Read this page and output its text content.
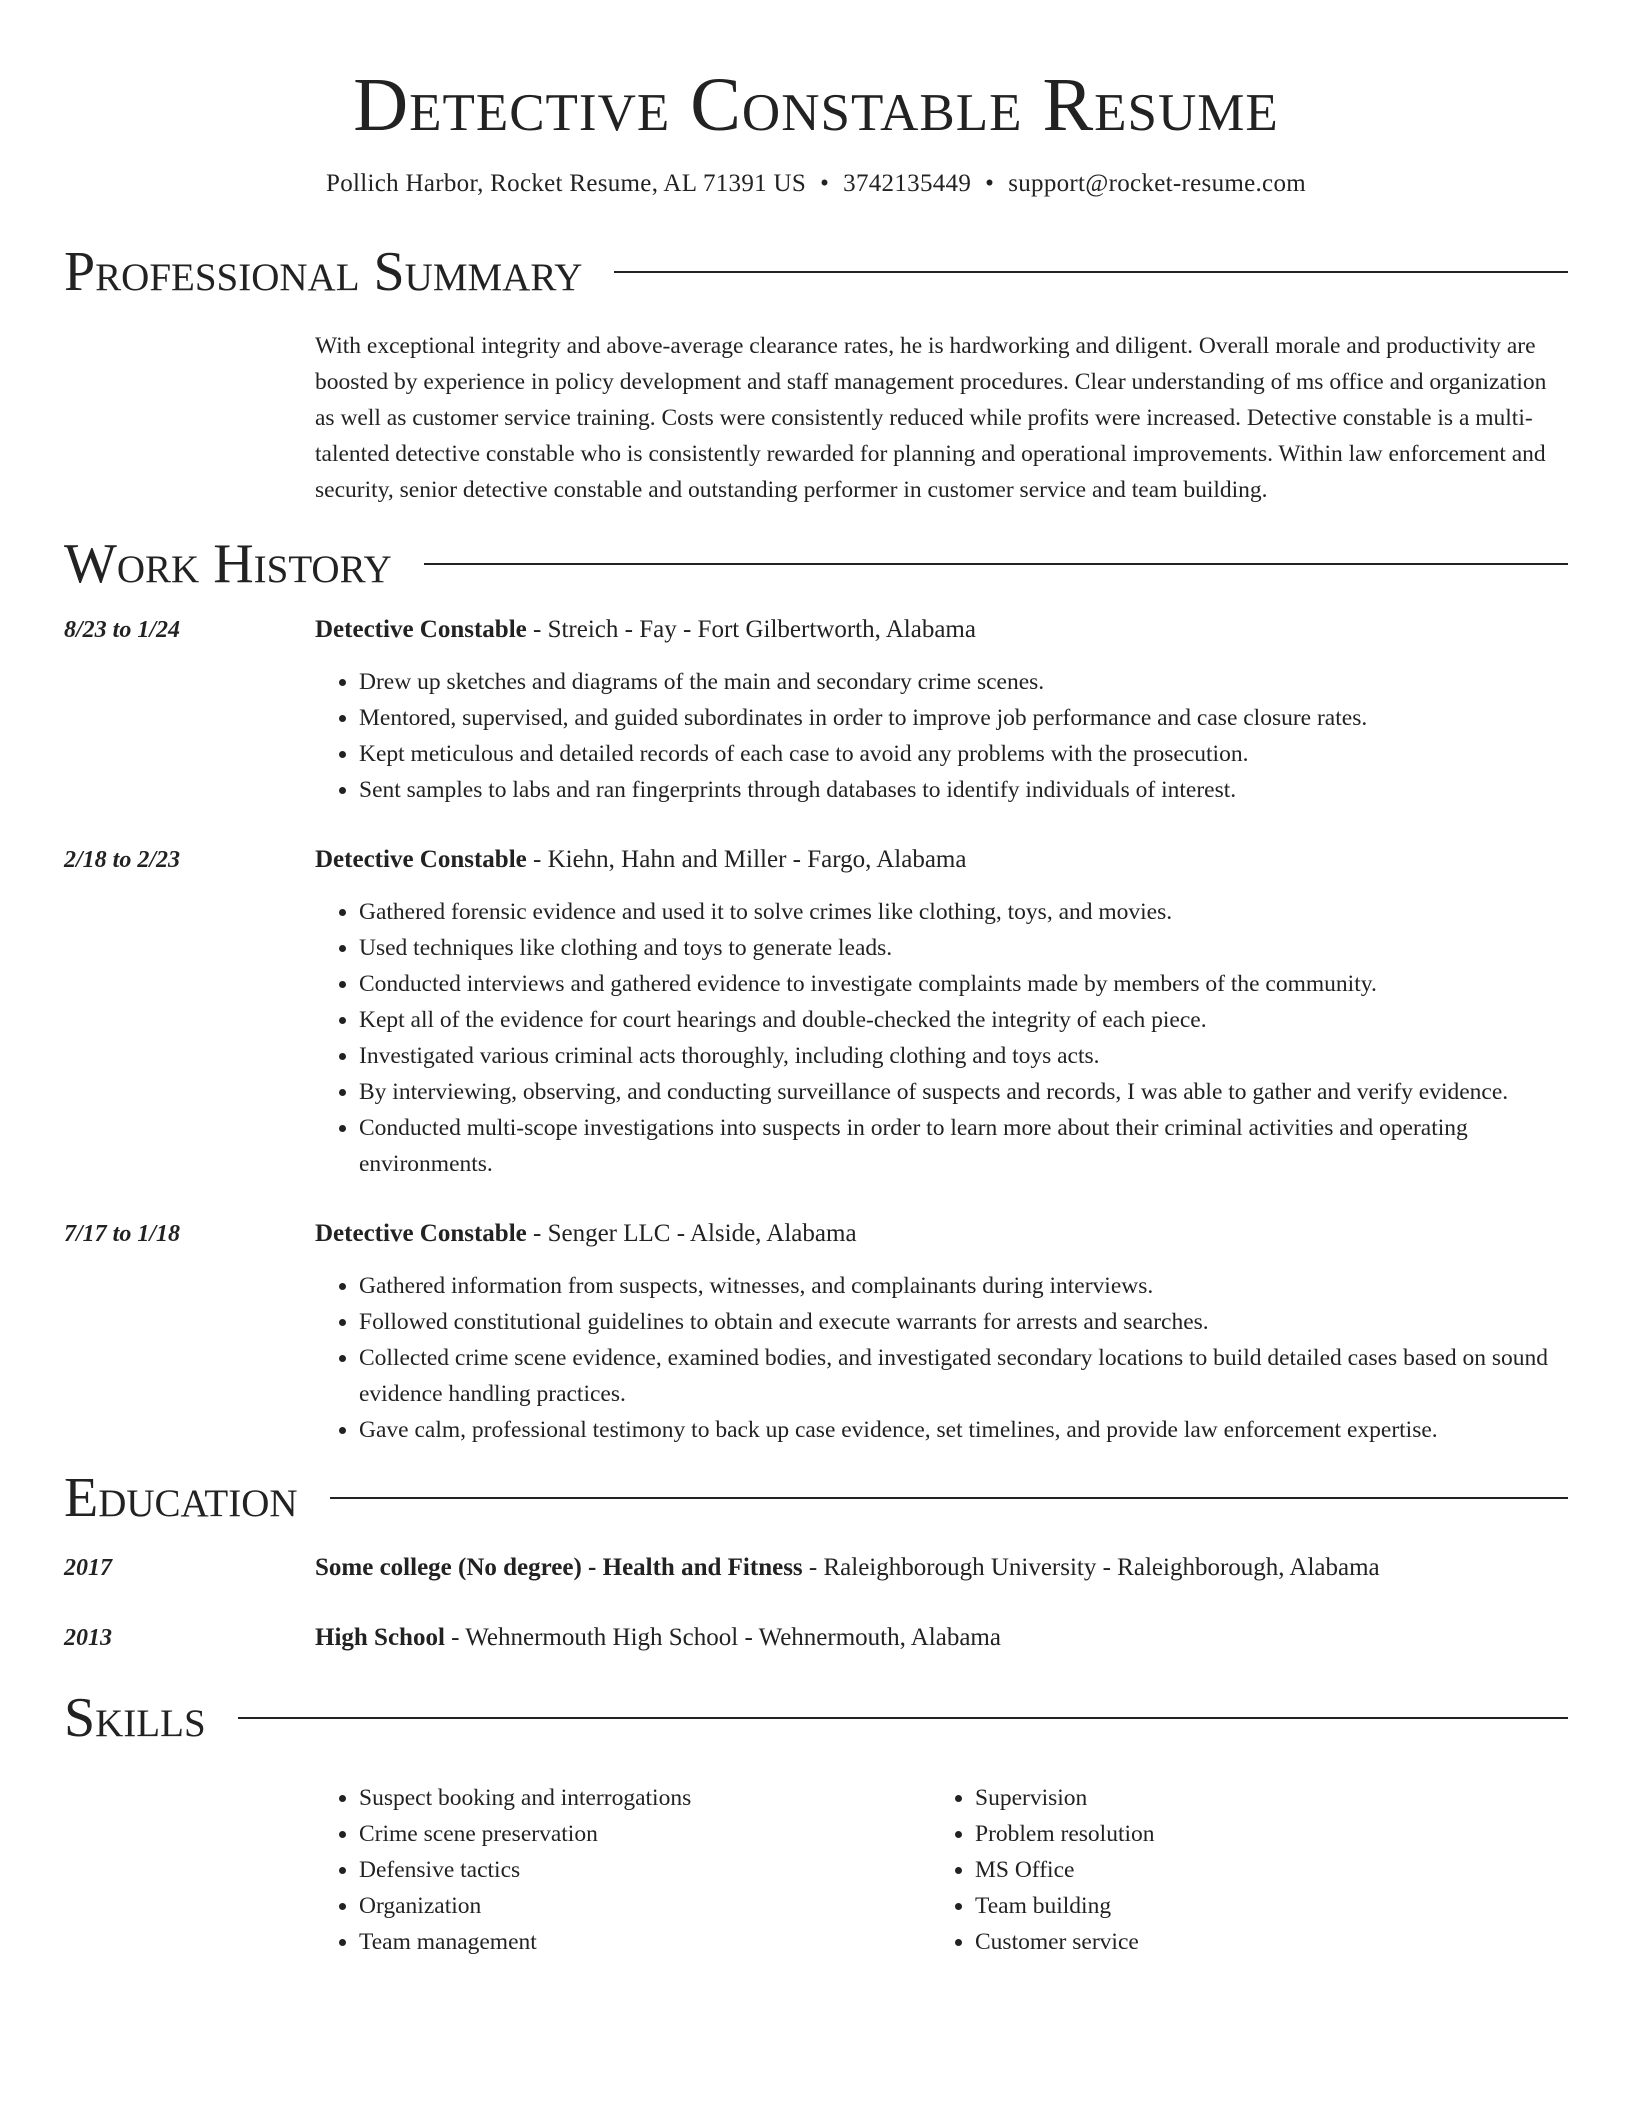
Detective Constable Resume
Pollich Harbor, Rocket Resume, AL 71391 US • 3742135449 • support@rocket-resume.com
Professional Summary
With exceptional integrity and above-average clearance rates, he is hardworking and diligent. Overall morale and productivity are boosted by experience in policy development and staff management procedures. Clear understanding of ms office and organization as well as customer service training. Costs were consistently reduced while profits were increased. Detective constable is a multi-talented detective constable who is consistently rewarded for planning and operational improvements. Within law enforcement and security, senior detective constable and outstanding performer in customer service and team building.
Work History
8/23 to 1/24	Detective Constable - Streich - Fay - Fort Gilbertworth, Alabama
• Drew up sketches and diagrams of the main and secondary crime scenes.
• Mentored, supervised, and guided subordinates in order to improve job performance and case closure rates.
• Kept meticulous and detailed records of each case to avoid any problems with the prosecution.
• Sent samples to labs and ran fingerprints through databases to identify individuals of interest.
2/18 to 2/23	Detective Constable - Kiehn, Hahn and Miller - Fargo, Alabama
• Gathered forensic evidence and used it to solve crimes like clothing, toys, and movies.
• Used techniques like clothing and toys to generate leads.
• Conducted interviews and gathered evidence to investigate complaints made by members of the community.
• Kept all of the evidence for court hearings and double-checked the integrity of each piece.
• Investigated various criminal acts thoroughly, including clothing and toys acts.
• By interviewing, observing, and conducting surveillance of suspects and records, I was able to gather and verify evidence.
• Conducted multi-scope investigations into suspects in order to learn more about their criminal activities and operating environments.
7/17 to 1/18	Detective Constable - Senger LLC - Alside, Alabama
• Gathered information from suspects, witnesses, and complainants during interviews.
• Followed constitutional guidelines to obtain and execute warrants for arrests and searches.
• Collected crime scene evidence, examined bodies, and investigated secondary locations to build detailed cases based on sound evidence handling practices.
• Gave calm, professional testimony to back up case evidence, set timelines, and provide law enforcement expertise.
Education
2017	Some college (No degree) - Health and Fitness - Raleighborough University - Raleighborough, Alabama
2013	High School - Wehnermouth High School - Wehnermouth, Alabama
Skills
• Suspect booking and interrogations
• Crime scene preservation
• Defensive tactics
• Organization
• Team management
• Supervision
• Problem resolution
• MS Office
• Team building
• Customer service
